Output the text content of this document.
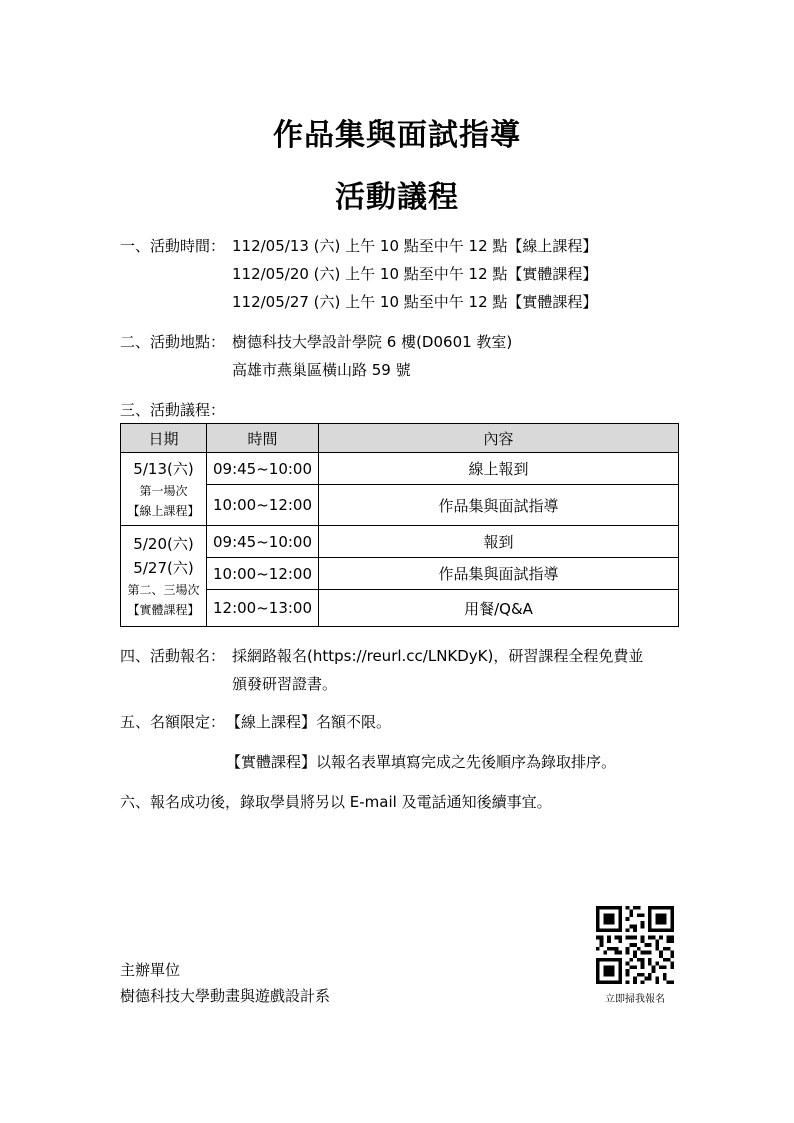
作品集與面試指導
活動議程
一、活動時間： 112/05/13 (六) 上午 10 點至中午 12 點【線上課程】
112/05/20 (六) 上午 10 點至中午 12 點【實體課程】
112/05/27 (六) 上午 10 點至中午 12 點【實體課程】
二、活動地點： 樹德科技大學設計學院 6 樓(D0601 教室)
高雄市燕巢區橫山路 59 號
三、活動議程：
日期	時間	內容

5/13(六)
第一場次
【線上課程】	09:45~10:00	線上報到
	10:00~12:00	作品集與面試指導

5/20(六)
5/27(六)
第二、三場次
【實體課程】	09:45~10:00	報到
	10:00~12:00	作品集與面試指導
	12:00~13:00	用餐/Q&A
四、活動報名： 採網路報名(https://reurl.cc/LNKDyK)，研習課程全程免費並
頒發研習證書。
五、名額限定： 【線上課程】名額不限。
【實體課程】以報名表單填寫完成之先後順序為錄取排序。
六、報名成功後，錄取學員將另以 E-mail 及電話通知後續事宜。
主辦單位
樹德科技大學動畫與遊戲設計系	立即掃我報名
